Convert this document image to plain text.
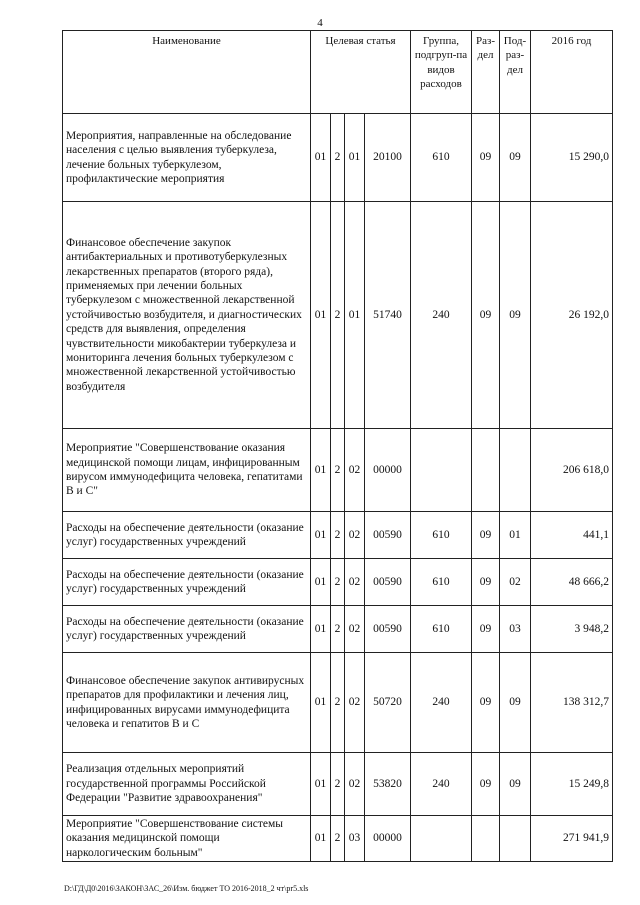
4
Наименование	Целевая статья				Группа, подгруп-па видов расходов	Раз-дел	Под-раз-дел	2016 год
Мероприятия, направленные на обследование населения с целью выявления туберкулеза, лечение больных туберкулезом, профилактические мероприятия	01	2	01	20100	610	09	09	15 290,0
Финансовое обеспечение закупок антибактериальных и противотуберкулезных лекарственных препаратов (второго ряда), применяемых при лечении больных туберкулезом с множественной лекарственной устойчивостью возбудителя, и диагностических средств для выявления, определения чувствительности микобактерии туберкулеза и мониторинга лечения больных туберкулезом с множественной лекарственной устойчивостью возбудителя	01	2	01	51740	240	09	09	26 192,0
Мероприятие "Совершенствование оказания медицинской помощи лицам, инфицированным вирусом иммунодефицита человека, гепатитами В и С"	01	2	02	00000				206 618,0
Расходы на обеспечение деятельности (оказание услуг) государственных учреждений	01	2	02	00590	610	09	01	441,1
Расходы на обеспечение деятельности (оказание услуг) государственных учреждений	01	2	02	00590	610	09	02	48 666,2
Расходы на обеспечение деятельности (оказание услуг) государственных учреждений	01	2	02	00590	610	09	03	3 948,2
Финансовое обеспечение закупок антивирусных препаратов для профилактики и лечения лиц, инфицированных вирусами иммунодефицита человека и гепатитов В и С	01	2	02	50720	240	09	09	138 312,7
Реализация отдельных мероприятий государственной программы Российской Федерации "Развитие здравоохранения"	01	2	02	53820	240	09	09	15 249,8
Мероприятие "Совершенствование системы оказания медицинской помощи наркологическим больным"	01	2	03	00000				271 941,9
D:\ГД\Д0\2016\ЗАКОН\ЗАС_26\Изм. бюджет ТО 2016-2018_2 чт\pr5.xls
